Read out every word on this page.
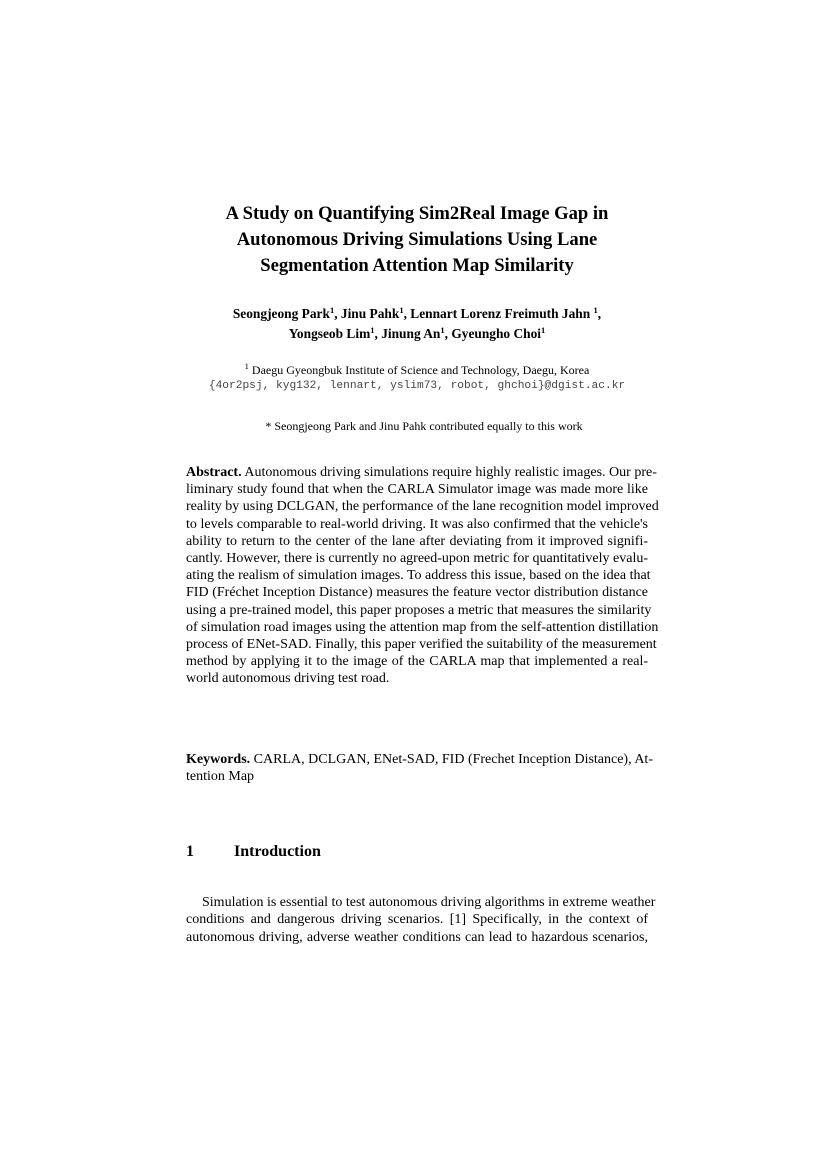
A Study on Quantifying Sim2Real Image Gap in
Autonomous Driving Simulations Using Lane
Segmentation Attention Map Similarity
Seongjeong Park$^1$, Jinu Pahk$^1$, Lennart Lorenz Freimuth Jahn $^1$,
Yongseob Lim$^1$, Jinung An$^1$, Gyeungho Choi$^1$
$^1$ Daegu Gyeongbuk Institute of Science and Technology, Daegu, Korea
{4or2psj, kyg132, lennart, yslim73, robot, ghchoi}@dgist.ac.kr
* Seongjeong Park and Jinu Pahk contributed equally to this work
Abstract. Autonomous driving simulations require highly realistic images. Our pre-
liminary study found that when the CARLA Simulator image was made more like
reality by using DCLGAN, the performance of the lane recognition model improved
to levels comparable to real-world driving. It was also confirmed that the vehicle's
ability to return to the center of the lane after deviating from it improved signifi-
cantly. However, there is currently no agreed-upon metric for quantitatively evalu-
ating the realism of simulation images. To address this issue, based on the idea that
FID (Fréchet Inception Distance) measures the feature vector distribution distance
using a pre-trained model, this paper proposes a metric that measures the similarity
of simulation road images using the attention map from the self-attention distillation
process of ENet-SAD. Finally, this paper verified the suitability of the measurement
method by applying it to the image of the CARLA map that implemented a real-
world autonomous driving test road.
Keywords. CARLA, DCLGAN, ENet-SAD, FID (Frechet Inception Distance), At-
tention Map
1	Introduction
Simulation is essential to test autonomous driving algorithms in extreme weather
conditions and dangerous driving scenarios. [1] Specifically, in the context of
autonomous driving, adverse weather conditions can lead to hazardous scenarios,
